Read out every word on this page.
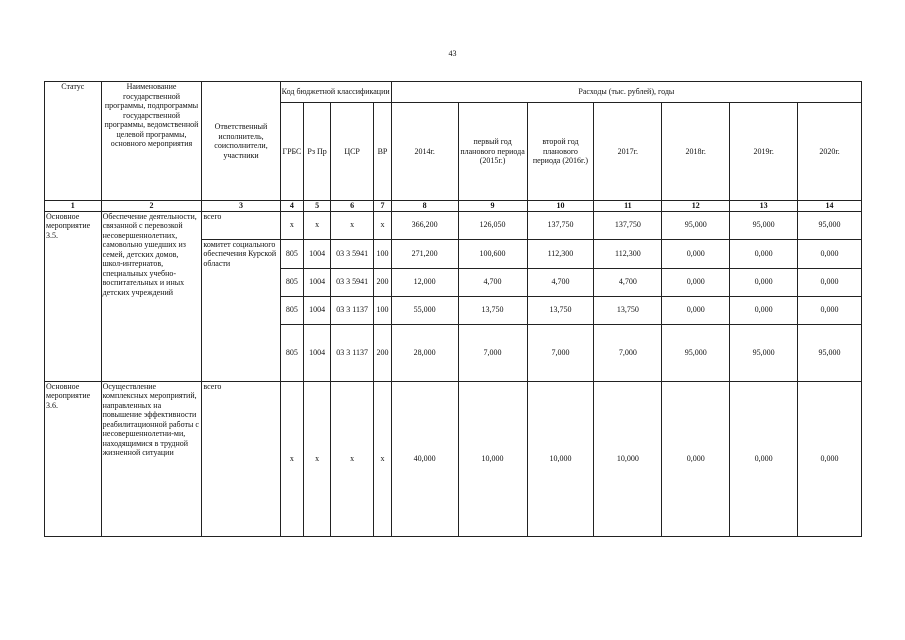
43
Статус	Наименование государственной программы, подпрограммы государственной программы, ведомственной целевой программы, основного мероприятия	Ответственный исполнитель, соисполнители, участники	Код бюджетной классификации				Расходы (тыс. рублей), годы						
			ГРБС	Рз Пр	ЦСР	ВР	2014г.	первый год планового периода (2015г.)	второй год планового периода (2016г.)	2017г.	2018г.	2019г.	2020г.
1	2	3	4	5	6	7	8	9	10	11	12	13	14
Основное мероприятие 3.5.	Обеспечение деятельности, связанной с перевозкой несовершеннолетних, самовольно ушедших из семей, детских домов, школ-интернатов, специальных учебно-воспитательных и иных детских учреждений	всего	x	x	x	x	366,200	126,050	137,750	137,750	95,000	95,000	95,000
		комитет социального обеспечения Курской области	805	1004	03 3 5941	100	271,200	100,600	112,300	112,300	0,000	0,000	0,000
			805	1004	03 3 5941	200	12,000	4,700	4,700	4,700	0,000	0,000	0,000
			805	1004	03 3 1137	100	55,000	13,750	13,750	13,750	0,000	0,000	0,000
			805	1004	03 3 1137	200	28,000	7,000	7,000	7,000	95,000	95,000	95,000
Основное мероприятие 3.6.	Осуществление комплексных мероприятий, направленных на повышение эффективности реабилитационной работы с несовершеннолетни-ми, находящимися в трудной жизненной ситуации	всего	x	x	x	x	40,000	10,000	10,000	10,000	0,000	0,000	0,000
